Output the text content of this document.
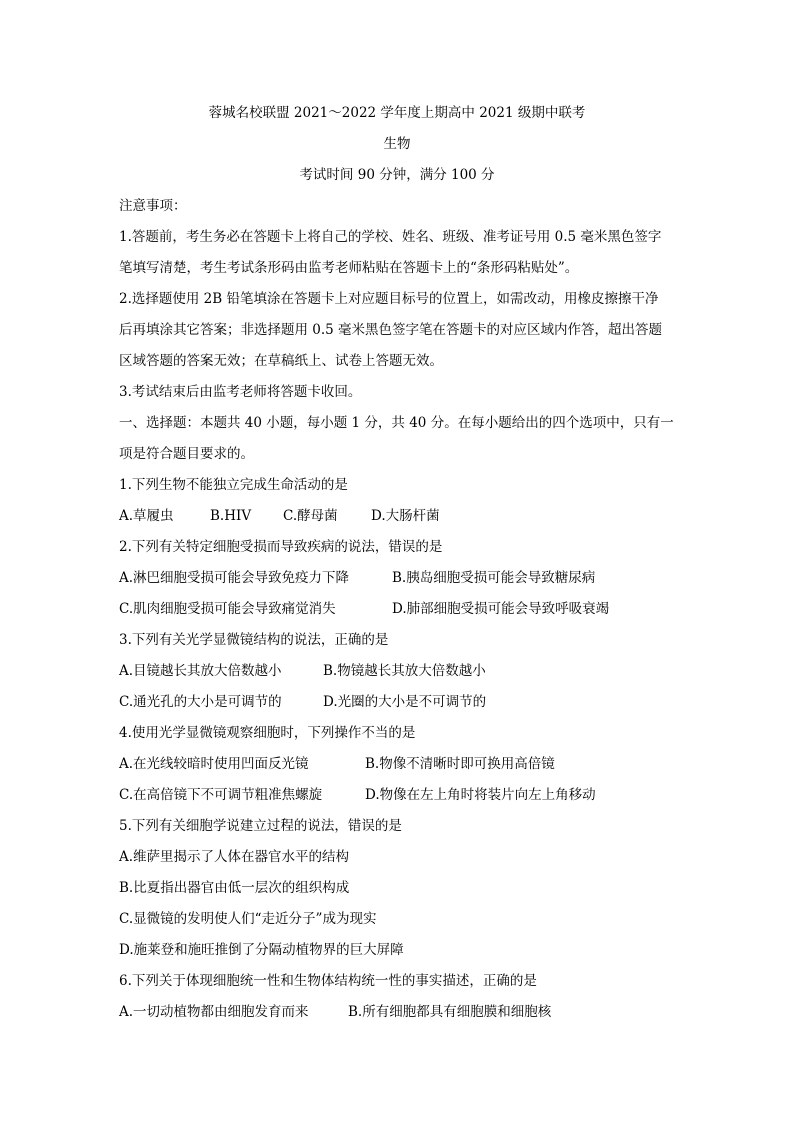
蓉城名校联盟 2021～2022 学年度上期高中 2021 级期中联考
生物
考试时间 90 分钟，满分 100 分
注意事项：
1.答题前，考生务必在答题卡上将自己的学校、姓名、班级、准考证号用 0.5 毫米黑色签字
笔填写清楚，考生考试条形码由监考老师粘贴在答题卡上的“条形码粘贴处”。
2.选择题使用 2B 铅笔填涂在答题卡上对应题目标号的位置上，如需改动，用橡皮擦擦干净
后再填涂其它答案；非选择题用 0.5 毫米黑色签字笔在答题卡的对应区域内作答，超出答题
区域答题的答案无效；在草稿纸上、试卷上答题无效。
3.考试结束后由监考老师将答题卡收回。
一、选择题：本题共 40 小题，每小题 1 分，共 40 分。在每小题给出的四个选项中，只有一
项是符合题目要求的。
1.下列生物不能独立完成生命活动的是
A.草履虫	B.HIV C.酵母菌 D.大肠杆菌
2.下列有关特定细胞受损而导致疾病的说法，错误的是
A.淋巴细胞受损可能会导致免疫力下降	B.胰岛细胞受损可能会导致糖尿病
C.肌肉细胞受损可能会导致痛觉消失	D.肺部细胞受损可能会导致呼吸衰竭
3.下列有关光学显微镜结构的说法，正确的是
A.目镜越长其放大倍数越小	B.物镜越长其放大倍数越小
C.通光孔的大小是可调节的	D.光圈的大小是不可调节的
4.使用光学显微镜观察细胞时，下列操作不当的是
A.在光线较暗时使用凹面反光镜	B.物像不清晰时即可换用高倍镜
C.在高倍镜下不可调节粗准焦螺旋	D.物像在左上角时将装片向左上角移动
5.下列有关细胞学说建立过程的说法，错误的是
A.维萨里揭示了人体在器官水平的结构
B.比夏指出器官由低一层次的组织构成
C.显微镜的发明使人们“走近分子”成为现实
D.施莱登和施旺推倒了分隔动植物界的巨大屏障
6.下列关于体现细胞统一性和生物体结构统一性的事实描述，正确的是
A.一切动植物都由细胞发育而来	B.所有细胞都具有细胞膜和细胞核
